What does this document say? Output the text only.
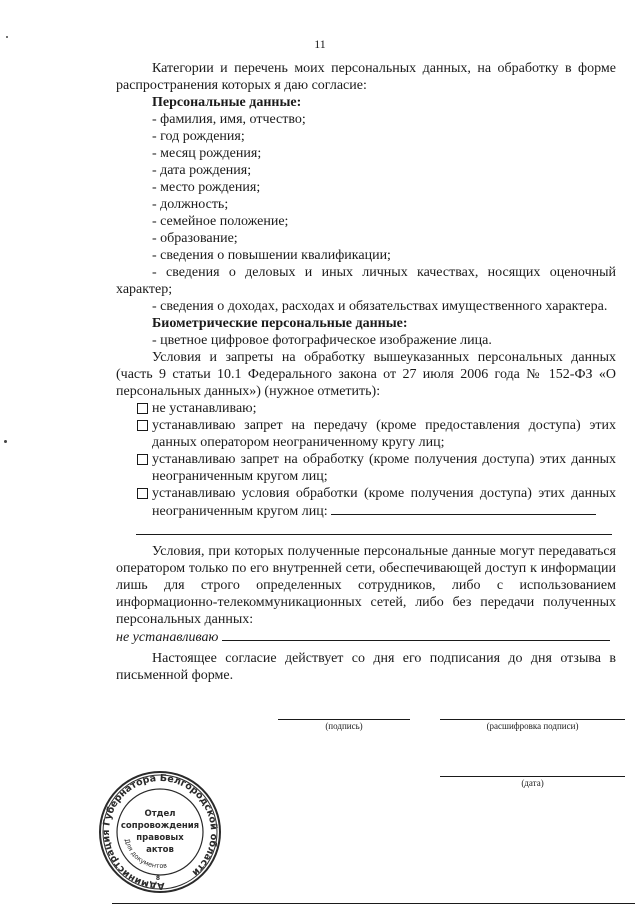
11

Категории и перечень моих персональных данных, на обработку в форме распространения которых я даю согласие:

Персональные данные:

- фамилия, имя, отчество;
- год рождения;
- месяц рождения;
- дата рождения;
- место рождения;
- должность;
- семейное положение;
- образование;
- сведения о повышении квалификации;

- сведения о деловых и иных личных качествах, носящих оценочный характер;

- сведения о доходах, расходах и обязательствах имущественного характера.

Биометрические персональные данные:

- цветное цифровое фотографическое изображение лица.

Условия и запреты на обработку вышеуказанных персональных данных (часть 9 статьи 10.1 Федерального закона от 27 июля 2006 года № 152-ФЗ «О персональных данных») (нужное отметить):

не устанавливаю;
устанавливаю запрет на передачу (кроме предоставления доступа) этих данных оператором неограниченному кругу лиц;
устанавливаю запрет на обработку (кроме получения доступа) этих данных неограниченным кругом лиц;
устанавливаю условия обработки (кроме получения доступа) этих данных неограниченным кругом лиц:

Условия, при которых полученные персональные данные могут передаваться оператором только по его внутренней сети, обеспечивающей доступ к информации лишь для строго определенных сотрудников, либо с использованием информационно-телекоммуникационных сетей, либо без передачи полученных персональных данных:

не устанавливаю

Настоящее согласие действует со дня его подписания до дня отзыва в письменной форме.

(подпись)	(расшифровка подписи)
(дата)
Администрация Губернатора Белгородской области
Для документов
Отдел
сопровождения
правовых
актов
8
